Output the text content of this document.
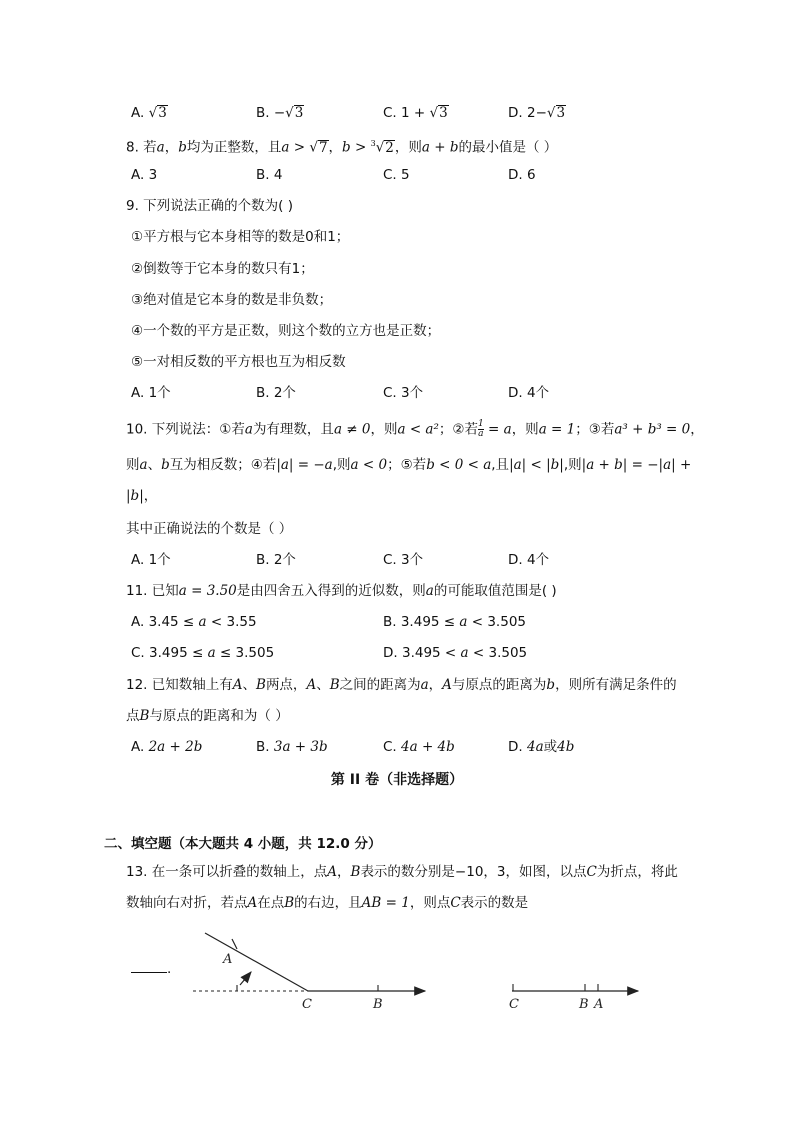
A. √3	B. −√3	C. 1 + √3	D. 2−√3
8. 若a，b均为正整数，且a > √7，b > $^3$√2，则a + b的最小值是（ ）
A. 3	B. 4	C. 5	D. 6
9. 下列说法正确的个数为( )
①平方根与它本身相等的数是0和1；
②倒数等于它本身的数只有1；
③绝对值是它本身的数是非负数；
④一个数的平方是正数，则这个数的立方也是正数；
⑤一对相反数的平方根也互为相反数
A. 1个	B. 2个	C. 3个	D. 4个
10. 下列说法：①若a为有理数，且a ≠ 0，则a < a²；②若 $\frac{1}{a} = a$，则a = 1；③若a³ + b³ = 0，
则a、b互为相反数；④若|a| = −a,则a < 0；⑤若b < 0 < a,且|a| < |b|,则|a + b| = −|a| +
|b|，
其中正确说法的个数是（ ）
A. 1个	B. 2个	C. 3个	D. 4个
11. 已知a = 3.50是由四舍五入得到的近似数，则a的可能取值范围是( )
A. 3.45 ≤ a < 3.55	B. 3.495 ≤ a < 3.505
C. 3.495 ≤ a ≤ 3.505	D. 3.495 < a < 3.505
12. 已知数轴上有A、B两点，A、B之间的距离为a，A与原点的距离为b，则所有满足条件的
点B与原点的距离和为（ ）
A. 2a + 2b	B. 3a + 3b	C. 4a + 4b	D. 4a或4b
第 II 卷（非选择题）
二、填空题（本大题共 4 小题，共 12.0 分）
13. 在一条可以折叠的数轴上，点A，B表示的数分别是−10，3，如图，以点C为折点，将此
数轴向右对折，若点A在点B的右边，且AB = 1，则点C表示的数是
.
A
C	B	C	B A
